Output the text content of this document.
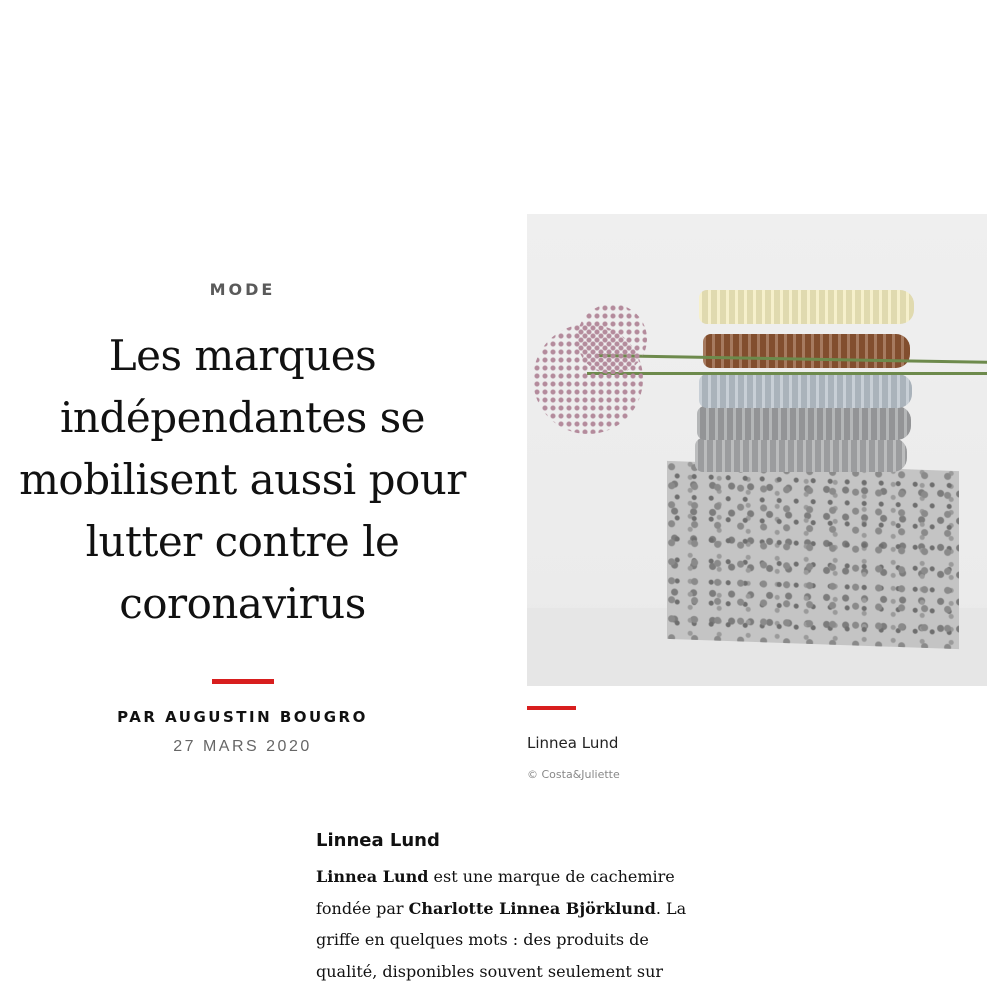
MODE
Les marques indépendantes se mobilisent aussi pour lutter contre le coronavirus
PAR AUGUSTIN BOUGRO
27 MARS 2020	Linnea Lund
© Costa&Juliette
Linnea Lund

Linnea Lund est une marque de cachemire fondée par Charlotte Linnea Björklund. La griffe en quelques mots : des produits de qualité, disponibles souvent seulement sur
